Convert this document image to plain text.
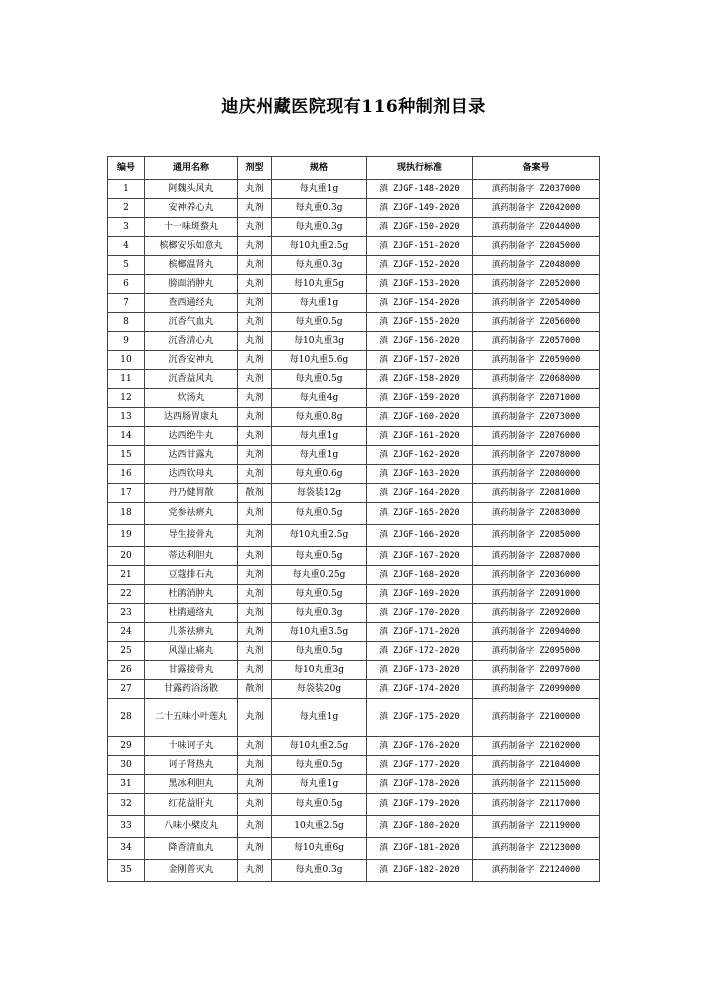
迪庆州藏医院现有116种制剂目录
编号	通用名称	剂型	规格	现执行标准	备案号
1	阿魏头风丸	丸剂	每丸重1g	滇 ZJGF-148-2020	滇药制备字 Z2037000
2	安神养心丸	丸剂	每丸重0.3g	滇 ZJGF-149-2020	滇药制备字 Z2042000
3	十一味斑蝥丸	丸剂	每丸重0.3g	滇 ZJGF-150-2020	滇药制备字 Z2044000
4	槟榔安乐如意丸	丸剂	每10丸重2.5g	滇 ZJGF-151-2020	滇药制备字 Z2045000
5	槟榔温肾丸	丸剂	每丸重0.3g	滇 ZJGF-152-2020	滇药制备字 Z2048000
6	膀面消肿丸	丸剂	每10丸重5g	滇 ZJGF-153-2020	滇药制备字 Z2052000
7	查西通经丸	丸剂	每丸重1g	滇 ZJGF-154-2020	滇药制备字 Z2054000
8	沉香气血丸	丸剂	每丸重0.5g	滇 ZJGF-155-2020	滇药制备字 Z2056000
9	沉香清心丸	丸剂	每10丸重3g	滇 ZJGF-156-2020	滇药制备字 Z2057000
10	沉香安神丸	丸剂	每10丸重5.6g	滇 ZJGF-157-2020	滇药制备字 Z2059000
11	沉香益风丸	丸剂	每丸重0.5g	滇 ZJGF-158-2020	滇药制备字 Z2068000
12	炊汤丸	丸剂	每丸重4g	滇 ZJGF-159-2020	滇药制备字 Z2071000
13	达西肠胃康丸	丸剂	每丸重0.8g	滇 ZJGF-160-2020	滇药制备字 Z2073000
14	达西绝牛丸	丸剂	每丸重1g	滇 ZJGF-161-2020	滇药制备字 Z2076000
15	达西甘露丸	丸剂	每丸重1g	滇 ZJGF-162-2020	滇药制备字 Z2078000
16	达西钦母丸	丸剂	每丸重0.6g	滇 ZJGF-163-2020	滇药制备字 Z2080000
17	丹乃健胃散	散剂	每袋装12g	滇 ZJGF-164-2020	滇药制备字 Z2081000
18	党参祛痹丸	丸剂	每丸重0.5g	滇 ZJGF-165-2020	滇药制备字 Z2083000
19	导生接骨丸	丸剂	每10丸重2.5g	滇 ZJGF-166-2020	滇药制备字 Z2085000
20	蒂达利胆丸	丸剂	每丸重0.5g	滇 ZJGF-167-2020	滇药制备字 Z2087000
21	豆蔻排石丸	丸剂	每丸重0.25g	滇 ZJGF-168-2020	滇药制备字 Z2036000
22	杜鹃消肿丸	丸剂	每丸重0.5g	滇 ZJGF-169-2020	滇药制备字 Z2091000
23	杜鹃通络丸	丸剂	每丸重0.3g	滇 ZJGF-170-2020	滇药制备字 Z2092000
24	儿茶祛痹丸	丸剂	每10丸重3.5g	滇 ZJGF-171-2020	滇药制备字 Z2094000
25	风湿止痛丸	丸剂	每丸重0.5g	滇 ZJGF-172-2020	滇药制备字 Z2095000
26	甘露接骨丸	丸剂	每10丸重3g	滇 ZJGF-173-2020	滇药制备字 Z2097000
27	甘露药浴汤散	散剂	每袋装20g	滇 ZJGF-174-2020	滇药制备字 Z2099000
28	二十五味小叶莲丸	丸剂	每丸重1g	滇 ZJGF-175-2020	滇药制备字 Z2100000
29	十味诃子丸	丸剂	每10丸重2.5g	滇 ZJGF-176-2020	滇药制备字 Z2102000
30	诃子肾热丸	丸剂	每丸重0.5g	滇 ZJGF-177-2020	滇药制备字 Z2104000
31	黑冰利胆丸	丸剂	每丸重1g	滇 ZJGF-178-2020	滇药制备字 Z2115000
32	红花益肝丸	丸剂	每丸重0.5g	滇 ZJGF-179-2020	滇药制备字 Z2117000
33	八味小檗皮丸	丸剂	10丸重2.5g	滇 ZJGF-180-2020	滇药制备字 Z2119000
34	降香清血丸	丸剂	每10丸重6g	滇 ZJGF-181-2020	滇药制备字 Z2123000
35	金刚普灭丸	丸剂	每丸重0.3g	滇 ZJGF-182-2020	滇药制备字 Z2124000
